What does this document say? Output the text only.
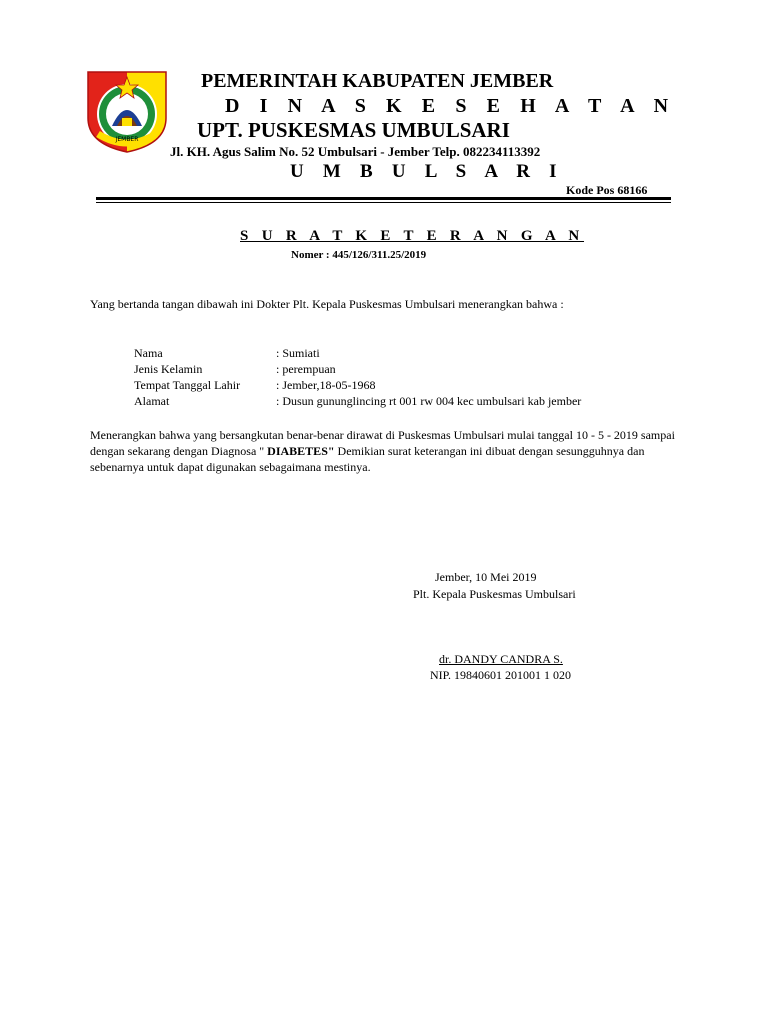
JEMBER
PEMERINTAH KABUPATEN JEMBER
D I N A S K E S E H A T A N
UPT. PUSKESMAS UMBULSARI
Jl. KH. Agus Salim No. 52 Umbulsari - Jember Telp. 082234113392
U M B U L S A R I
Kode Pos 68166
S U R A T K E T E R A N G A N
Nomer : 445/126/311.25/2019
Yang bertanda tangan dibawah ini Dokter Plt. Kepala Puskesmas Umbulsari menerangkan bahwa :
Nama	: Sumiati
Jenis Kelamin	: perempuan
Tempat Tanggal Lahir	: Jember,18-05-1968
Alamat	: Dusun gununglincing rt 001 rw 004 kec umbulsari kab jember
Menerangkan bahwa yang bersangkutan benar-benar dirawat di Puskesmas Umbulsari mulai tanggal 10 - 5 - 2019 sampai dengan sekarang dengan Diagnosa " DIABETES" Demikian surat keterangan ini dibuat dengan sesungguhnya dan sebenarnya untuk dapat digunakan sebagaimana mestinya.
Jember, 10 Mei 2019
Plt. Kepala Puskesmas Umbulsari
dr. DANDY CANDRA S.
NIP. 19840601 201001 1 020
